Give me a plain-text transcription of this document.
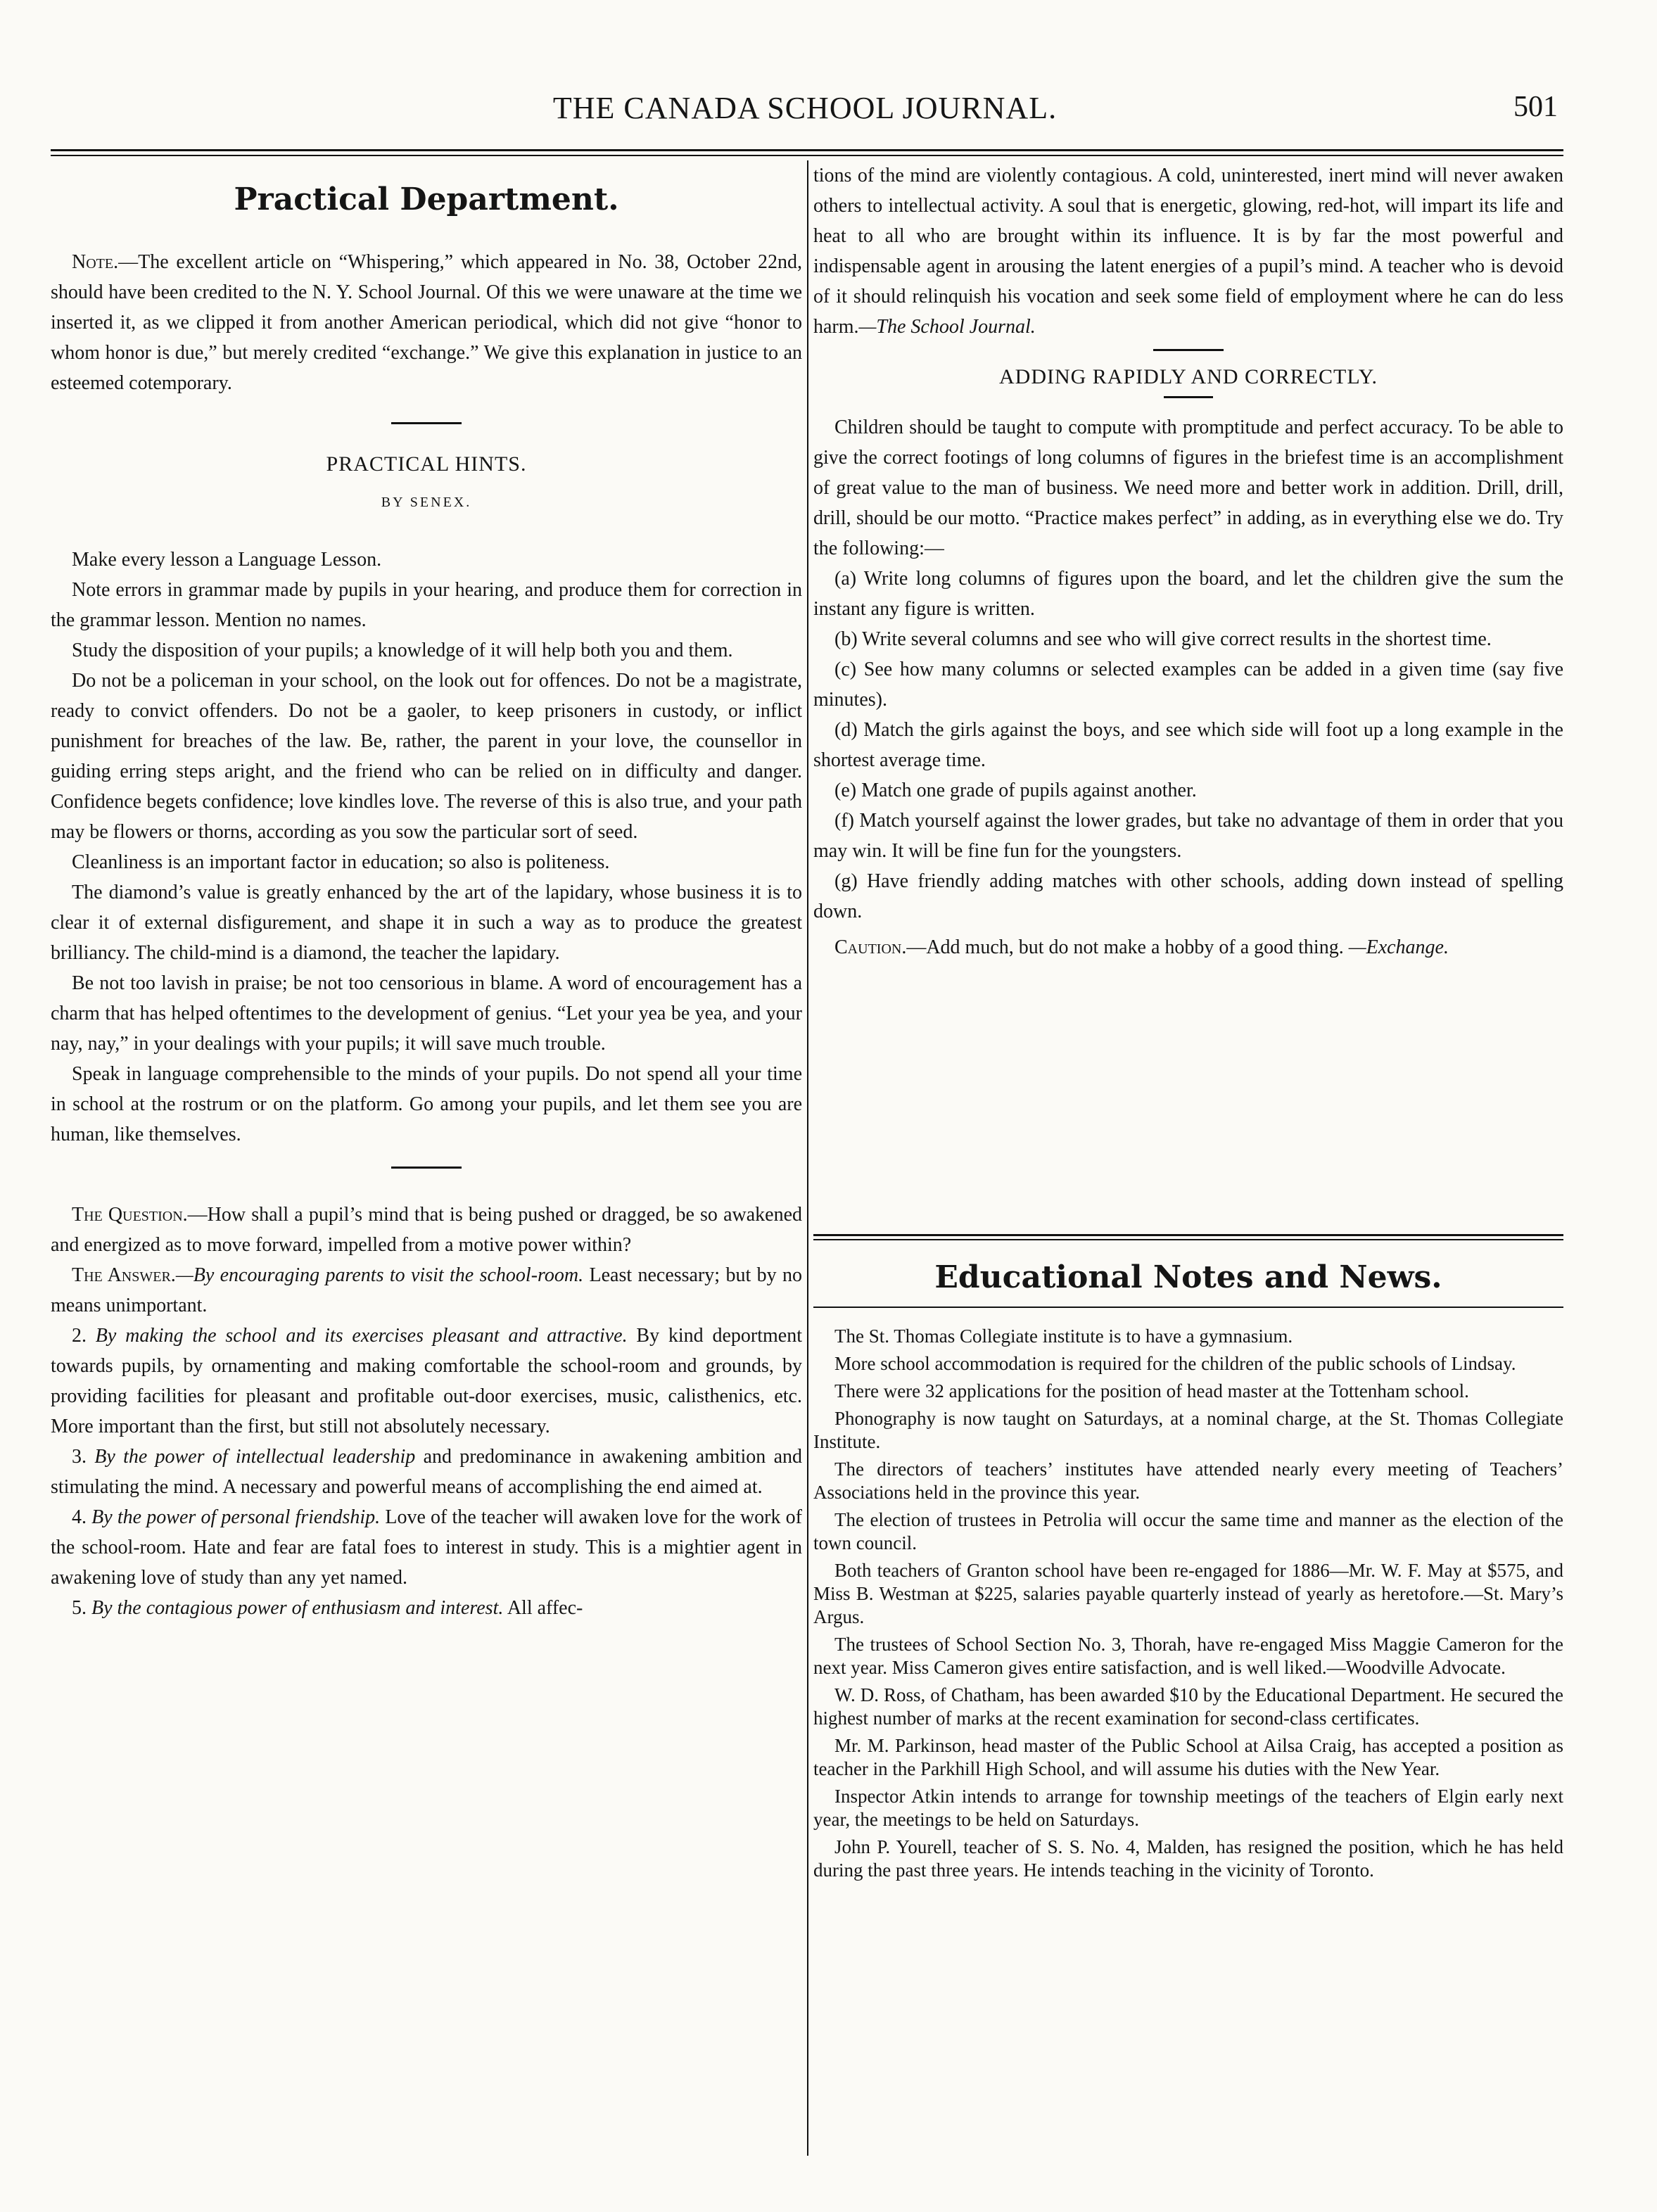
THE CANADA SCHOOL JOURNAL.	501
Practical Department.

Note.—The excellent article on “Whispering,” which appeared in No. 38, October 22nd, should have been credited to the N. Y. School Journal. Of this we were unaware at the time we inserted it, as we clipped it from another American periodical, which did not give “honor to whom honor is due,” but merely credited “exchange.” We give this explanation in justice to an esteemed cotemporary.

PRACTICAL HINTS.
BY SENEX.

Make every lesson a Language Lesson.

Note errors in grammar made by pupils in your hearing, and produce them for correction in the grammar lesson. Mention no names.

Study the disposition of your pupils; a knowledge of it will help both you and them.

Do not be a policeman in your school, on the look out for offences. Do not be a magistrate, ready to convict offenders. Do not be a gaoler, to keep prisoners in custody, or inflict punishment for breaches of the law. Be, rather, the parent in your love, the counsellor in guiding erring steps aright, and the friend who can be relied on in difficulty and danger. Confidence begets confidence; love kindles love. The reverse of this is also true, and your path may be flowers or thorns, according as you sow the particular sort of seed.

Cleanliness is an important factor in education; so also is politeness.

The diamond’s value is greatly enhanced by the art of the lapidary, whose business it is to clear it of external disfigurement, and shape it in such a way as to produce the greatest brilliancy. The child-mind is a diamond, the teacher the lapidary.

Be not too lavish in praise; be not too censorious in blame. A word of encouragement has a charm that has helped oftentimes to the development of genius. “Let your yea be yea, and your nay, nay,” in your dealings with your pupils; it will save much trouble.

Speak in language comprehensible to the minds of your pupils. Do not spend all your time in school at the rostrum or on the platform. Go among your pupils, and let them see you are human, like themselves.

The Question.—How shall a pupil’s mind that is being pushed or dragged, be so awakened and energized as to move forward, impelled from a motive power within?

The Answer.—By encouraging parents to visit the school-room. Least necessary; but by no means unimportant.

2. By making the school and its exercises pleasant and attractive. By kind deportment towards pupils, by ornamenting and making comfortable the school-room and grounds, by providing facilities for pleasant and profitable out-door exercises, music, calisthenics, etc. More important than the first, but still not absolutely necessary.

3. By the power of intellectual leadership and predominance in awakening ambition and stimulating the mind. A necessary and powerful means of accomplishing the end aimed at.

4. By the power of personal friendship. Love of the teacher will awaken love for the work of the school-room. Hate and fear are fatal foes to interest in study. This is a mightier agent in awakening love of study than any yet named.

5. By the contagious power of enthusiasm and interest. All affec-

tions of the mind are violently contagious. A cold, uninterested, inert mind will never awaken others to intellectual activity. A soul that is energetic, glowing, red-hot, will impart its life and heat to all who are brought within its influence. It is by far the most powerful and indispensable agent in arousing the latent energies of a pupil’s mind. A teacher who is devoid of it should relinquish his vocation and seek some field of employment where he can do less harm.—The School Journal.

ADDING RAPIDLY AND CORRECTLY.

Children should be taught to compute with promptitude and perfect accuracy. To be able to give the correct footings of long columns of figures in the briefest time is an accomplishment of great value to the man of business. We need more and better work in addition. Drill, drill, drill, should be our motto. “Practice makes perfect” in adding, as in everything else we do. Try the following:—

(a) Write long columns of figures upon the board, and let the children give the sum the instant any figure is written.

(b) Write several columns and see who will give correct results in the shortest time.

(c) See how many columns or selected examples can be added in a given time (say five minutes).

(d) Match the girls against the boys, and see which side will foot up a long example in the shortest average time.

(e) Match one grade of pupils against another.

(f) Match yourself against the lower grades, but take no advantage of them in order that you may win. It will be fine fun for the youngsters.

(g) Have friendly adding matches with other schools, adding down instead of spelling down.

Caution.—Add much, but do not make a hobby of a good thing. —Exchange.

Educational Notes and News.

The St. Thomas Collegiate institute is to have a gymnasium.

More school accommodation is required for the children of the public schools of Lindsay.

There were 32 applications for the position of head master at the Tottenham school.

Phonography is now taught on Saturdays, at a nominal charge, at the St. Thomas Collegiate Institute.

The directors of teachers’ institutes have attended nearly every meeting of Teachers’ Associations held in the province this year.

The election of trustees in Petrolia will occur the same time and manner as the election of the town council.

Both teachers of Granton school have been re-engaged for 1886—Mr. W. F. May at $575, and Miss B. Westman at $225, salaries payable quarterly instead of yearly as heretofore.—St. Mary’s Argus.

The trustees of School Section No. 3, Thorah, have re-engaged Miss Maggie Cameron for the next year. Miss Cameron gives entire satisfaction, and is well liked.—Woodville Advocate.

W. D. Ross, of Chatham, has been awarded $10 by the Educational Department. He secured the highest number of marks at the recent examination for second-class certificates.

Mr. M. Parkinson, head master of the Public School at Ailsa Craig, has accepted a position as teacher in the Parkhill High School, and will assume his duties with the New Year.

Inspector Atkin intends to arrange for township meetings of the teachers of Elgin early next year, the meetings to be held on Saturdays.

John P. Yourell, teacher of S. S. No. 4, Malden, has resigned the position, which he has held during the past three years. He intends teaching in the vicinity of Toronto.
